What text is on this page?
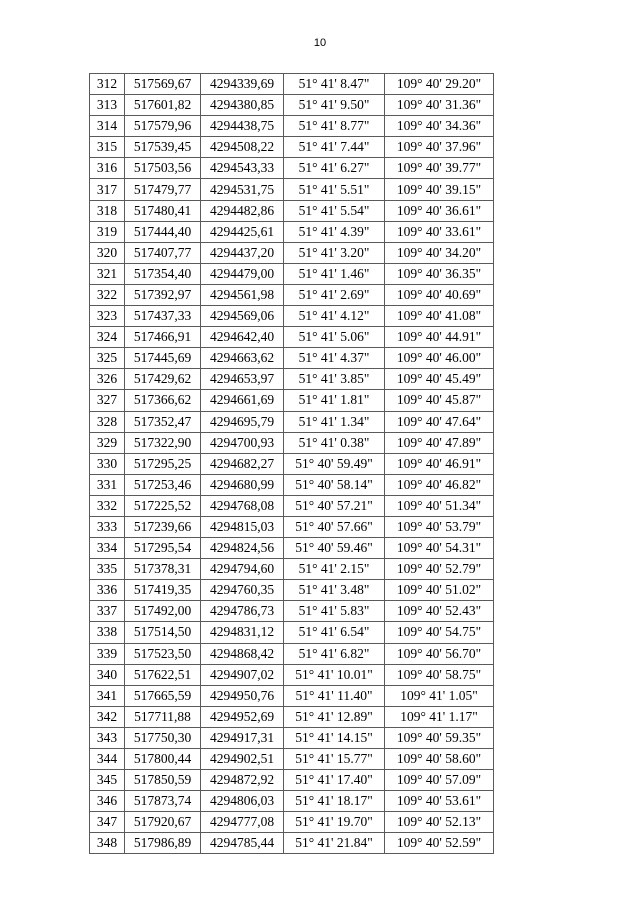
10
312	517569,67	4294339,69	51° 41' 8.47"	109° 40' 29.20"
313	517601,82	4294380,85	51° 41' 9.50"	109° 40' 31.36"
314	517579,96	4294438,75	51° 41' 8.77"	109° 40' 34.36"
315	517539,45	4294508,22	51° 41' 7.44"	109° 40' 37.96"
316	517503,56	4294543,33	51° 41' 6.27"	109° 40' 39.77"
317	517479,77	4294531,75	51° 41' 5.51"	109° 40' 39.15"
318	517480,41	4294482,86	51° 41' 5.54"	109° 40' 36.61"
319	517444,40	4294425,61	51° 41' 4.39"	109° 40' 33.61"
320	517407,77	4294437,20	51° 41' 3.20"	109° 40' 34.20"
321	517354,40	4294479,00	51° 41' 1.46"	109° 40' 36.35"
322	517392,97	4294561,98	51° 41' 2.69"	109° 40' 40.69"
323	517437,33	4294569,06	51° 41' 4.12"	109° 40' 41.08"
324	517466,91	4294642,40	51° 41' 5.06"	109° 40' 44.91"
325	517445,69	4294663,62	51° 41' 4.37"	109° 40' 46.00"
326	517429,62	4294653,97	51° 41' 3.85"	109° 40' 45.49"
327	517366,62	4294661,69	51° 41' 1.81"	109° 40' 45.87"
328	517352,47	4294695,79	51° 41' 1.34"	109° 40' 47.64"
329	517322,90	4294700,93	51° 41' 0.38"	109° 40' 47.89"
330	517295,25	4294682,27	51° 40' 59.49"	109° 40' 46.91"
331	517253,46	4294680,99	51° 40' 58.14"	109° 40' 46.82"
332	517225,52	4294768,08	51° 40' 57.21"	109° 40' 51.34"
333	517239,66	4294815,03	51° 40' 57.66"	109° 40' 53.79"
334	517295,54	4294824,56	51° 40' 59.46"	109° 40' 54.31"
335	517378,31	4294794,60	51° 41' 2.15"	109° 40' 52.79"
336	517419,35	4294760,35	51° 41' 3.48"	109° 40' 51.02"
337	517492,00	4294786,73	51° 41' 5.83"	109° 40' 52.43"
338	517514,50	4294831,12	51° 41' 6.54"	109° 40' 54.75"
339	517523,50	4294868,42	51° 41' 6.82"	109° 40' 56.70"
340	517622,51	4294907,02	51° 41' 10.01"	109° 40' 58.75"
341	517665,59	4294950,76	51° 41' 11.40"	109° 41' 1.05"
342	517711,88	4294952,69	51° 41' 12.89"	109° 41' 1.17"
343	517750,30	4294917,31	51° 41' 14.15"	109° 40' 59.35"
344	517800,44	4294902,51	51° 41' 15.77"	109° 40' 58.60"
345	517850,59	4294872,92	51° 41' 17.40"	109° 40' 57.09"
346	517873,74	4294806,03	51° 41' 18.17"	109° 40' 53.61"
347	517920,67	4294777,08	51° 41' 19.70"	109° 40' 52.13"
348	517986,89	4294785,44	51° 41' 21.84"	109° 40' 52.59"
